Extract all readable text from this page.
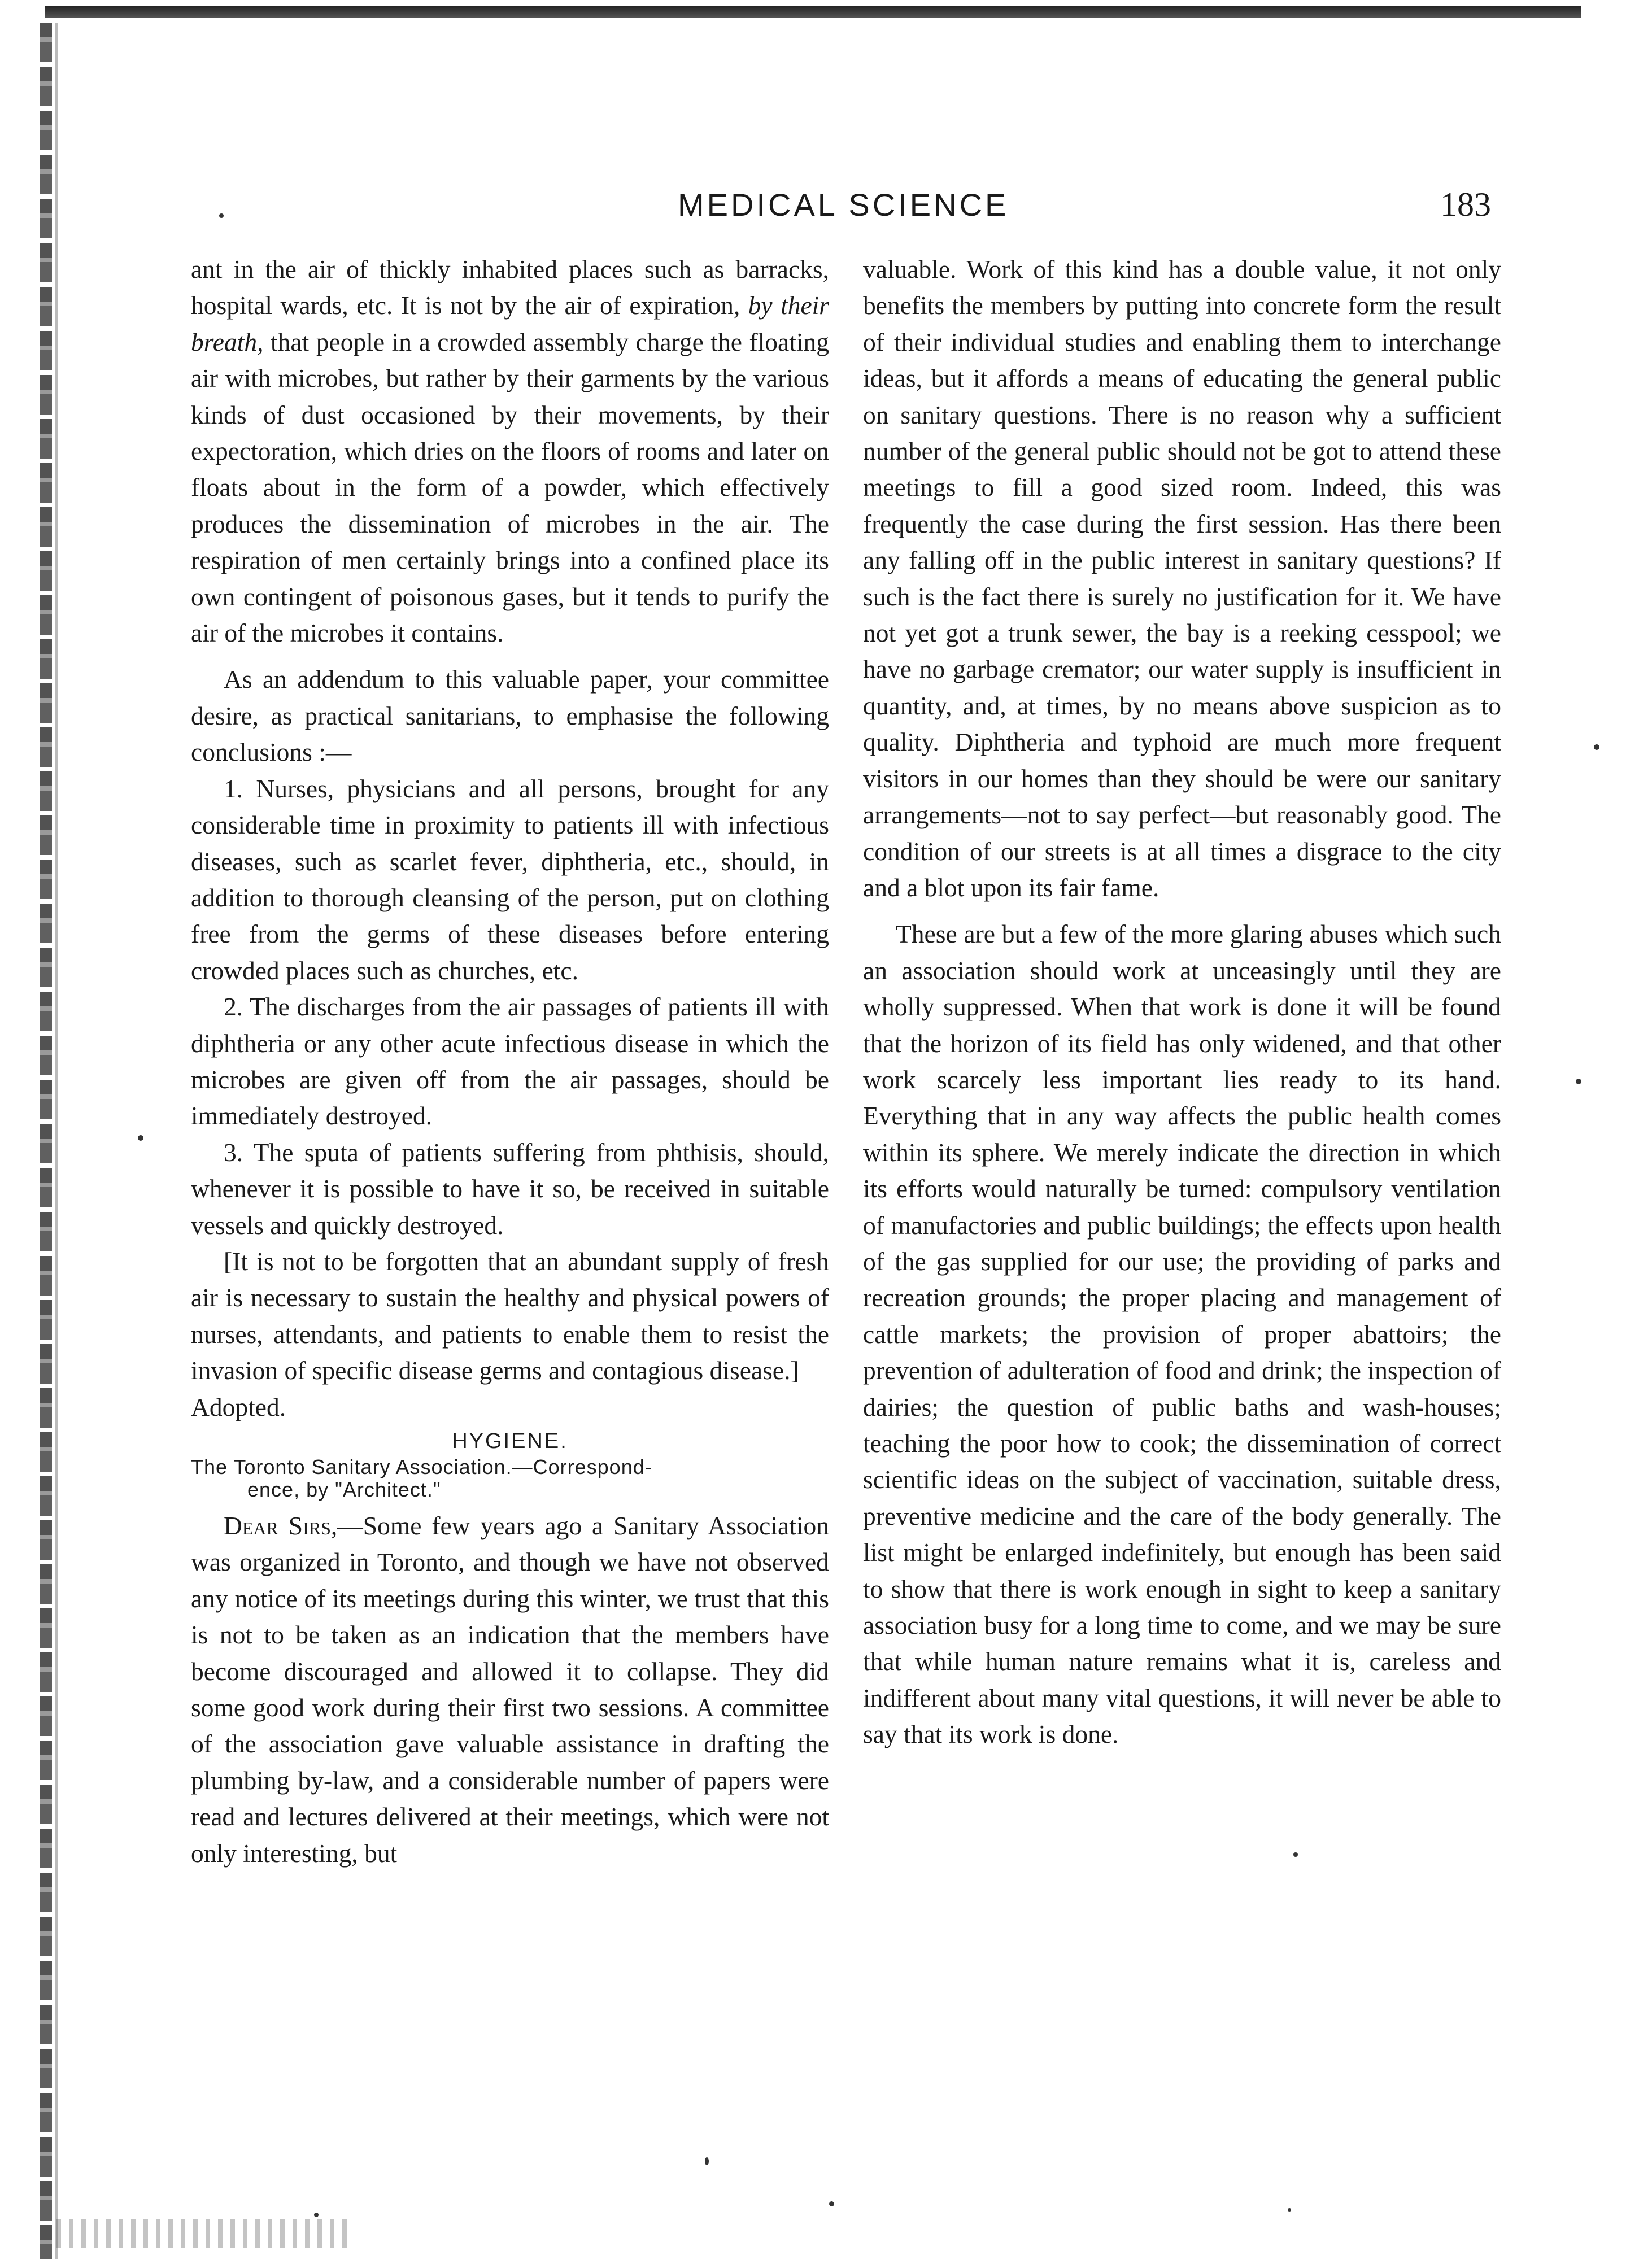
MEDICAL SCIENCE	183

ant in the air of thickly inhabited places such as barracks, hospital wards, etc. It is not by the air of expiration, by their breath, that people in a crowded assembly charge the floating air with microbes, but rather by their garments by the various kinds of dust occasioned by their movements, by their expectoration, which dries on the floors of rooms and later on floats about in the form of a powder, which effectively produces the dissemination of microbes in the air. The respiration of men certainly brings into a confined place its own contingent of poisonous gases, but it tends to purify the air of the microbes it contains.

As an addendum to this valuable paper, your committee desire, as practical sanitarians, to emphasise the following conclusions :—

1. Nurses, physicians and all persons, brought for any considerable time in proximity to patients ill with infectious diseases, such as scarlet fever, diphtheria, etc., should, in addition to thorough cleansing of the person, put on clothing free from the germs of these diseases before entering crowded places such as churches, etc.

2. The discharges from the air passages of patients ill with diphtheria or any other acute infectious disease in which the microbes are given off from the air passages, should be immediately destroyed.

3. The sputa of patients suffering from phthisis, should, whenever it is possible to have it so, be received in suitable vessels and quickly destroyed.

[It is not to be forgotten that an abundant supply of fresh air is necessary to sustain the healthy and physical powers of nurses, attendants, and patients to enable them to resist the invasion of specific disease germs and contagious disease.]

Adopted.

HYGIENE.
The Toronto Sanitary Association.—Correspond-
ence, by "Architect."

Dear Sirs,—Some few years ago a Sanitary Association was organized in Toronto, and though we have not observed any notice of its meetings during this winter, we trust that this is not to be taken as an indication that the members have become discouraged and allowed it to collapse. They did some good work during their first two sessions. A committee of the association gave valuable assistance in drafting the plumbing by-law, and a considerable number of papers were read and lectures delivered at their meetings, which were not only interesting, but

valuable. Work of this kind has a double value, it not only benefits the members by putting into concrete form the result of their individual studies and enabling them to interchange ideas, but it affords a means of educating the general public on sanitary questions. There is no reason why a sufficient number of the general public should not be got to attend these meetings to fill a good sized room. Indeed, this was frequently the case during the first session. Has there been any falling off in the public interest in sanitary questions? If such is the fact there is surely no justification for it. We have not yet got a trunk sewer, the bay is a reeking cesspool; we have no garbage cremator; our water supply is insufficient in quantity, and, at times, by no means above suspicion as to quality. Diphtheria and typhoid are much more frequent visitors in our homes than they should be were our sanitary arrangements—not to say perfect—but reasonably good. The condition of our streets is at all times a disgrace to the city and a blot upon its fair fame.

These are but a few of the more glaring abuses which such an association should work at unceasingly until they are wholly suppressed. When that work is done it will be found that the horizon of its field has only widened, and that other work scarcely less important lies ready to its hand. Everything that in any way affects the public health comes within its sphere. We merely indicate the direction in which its efforts would naturally be turned: compulsory ventilation of manufactories and public buildings; the effects upon health of the gas supplied for our use; the providing of parks and recreation grounds; the proper placing and management of cattle markets; the provision of proper abattoirs; the prevention of adulteration of food and drink; the inspection of dairies; the question of public baths and wash-houses; teaching the poor how to cook; the dissemination of correct scientific ideas on the subject of vaccination, suitable dress, preventive medicine and the care of the body generally. The list might be enlarged indefinitely, but enough has been said to show that there is work enough in sight to keep a sanitary association busy for a long time to come, and we may be sure that while human nature remains what it is, careless and indifferent about many vital questions, it will never be able to say that its work is done.
